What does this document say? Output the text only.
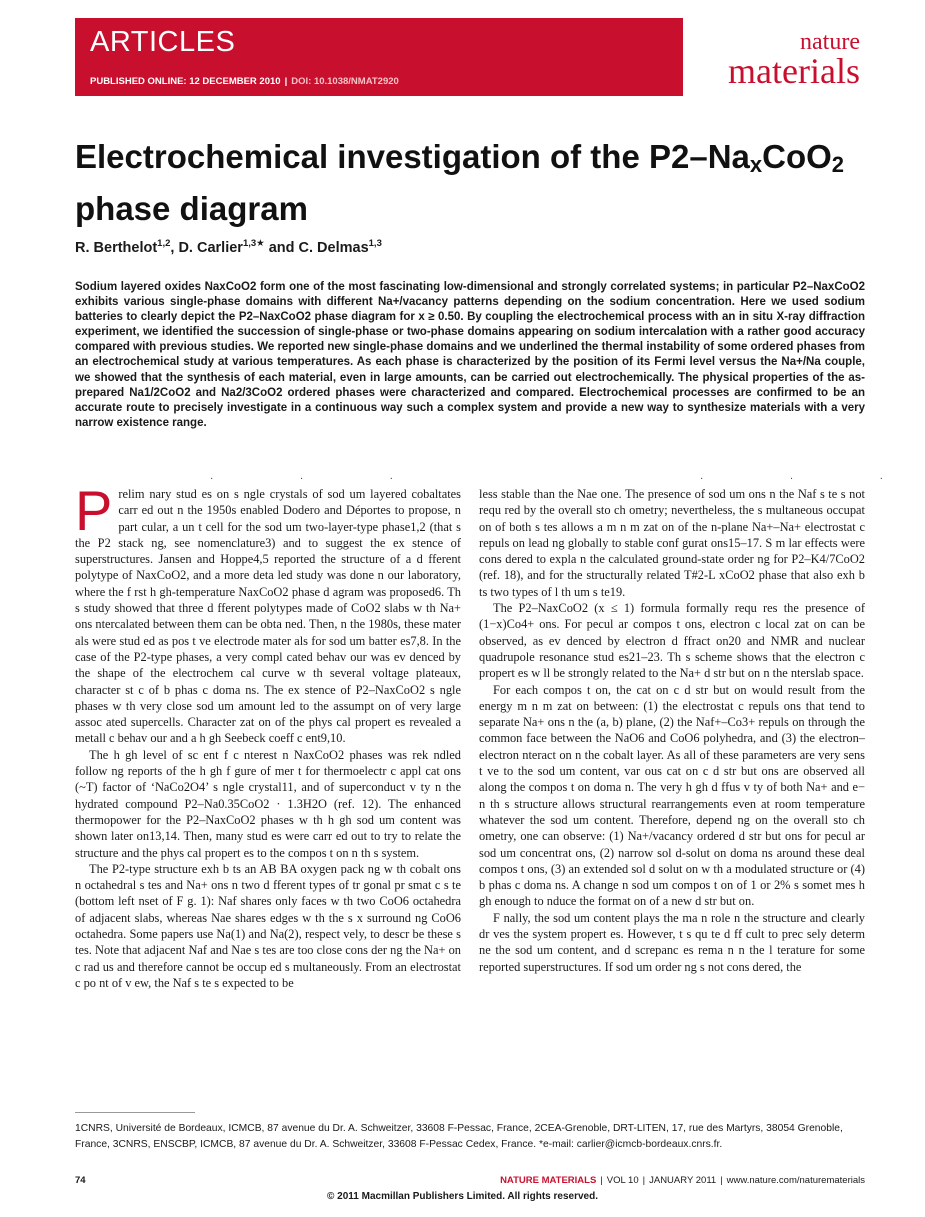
ARTICLES
PUBLISHED ONLINE: 12 DECEMBER 2010 | DOI: 10.1038/NMAT2920
nature
materials
Electrochemical investigation of the $P2-Na_xCoO_2$
phase diagram
R. Berthelot$^{1,2}$, D. Carlier$^{1,3★}$ and C. Delmas$^{1,3}$

Sodium layered oxides NaxCoO2 form one of the most fascinating low-dimensional and strongly correlated systems; in particular P2–NaxCoO2 exhibits various single-phase domains with different Na+/vacancy patterns depending on the sodium concentration. Here we used sodium batteries to clearly depict the P2–NaxCoO2 phase diagram for x ≥ 0.50. By coupling the electrochemical process with an in situ X-ray diffraction experiment, we identified the succession of single-phase or two-phase domains appearing on sodium intercalation with a rather good accuracy compared with previous studies. We reported new single-phase domains and we underlined the thermal instability of some ordered phases from an electrochemical study at various temperatures. As each phase is characterized by the position of its Fermi level versus the Na+/Na couple, we showed that the synthesis of each material, even in large amounts, can be carried out electrochemically. The physical properties of the as-prepared Na1/2CoO2 and Na2/3CoO2 ordered phases were characterized and compared. Electrochemical processes are confirmed to be an accurate route to precisely investigate in a continuous way such a complex system and provide a new way to synthesize materials with a very narrow existence range.

· · ·	· · ·
P relim nary stud es on s ngle crystals of sod um layered cobaltates carr ed out n the 1950s enabled Dodero and Déportes to propose, n part cular, a un t cell for the sod um two-layer-type phase1,2 (that s the P2 stack ng, see nomenclature3) and to suggest the ex stence of superstructures. Jansen and Hoppe4,5 reported the structure of a d fferent polytype of NaxCoO2, and a more deta led study was done n our laboratory, where the f rst h gh-temperature NaxCoO2 phase d agram was proposed6. Th s study showed that three d fferent polytypes made of CoO2 slabs w th Na+ ons ntercalated between them can be obta ned. Then, n the 1980s, these mater als were stud ed as pos t ve electrode mater als for sod um batter es7,8. In the case of the P2-type phases, a very compl cated behav our was ev denced by the shape of the electrochem cal curve w th several voltage plateaux, character st c of b phas c doma ns. The ex stence of P2–NaxCoO2 s ngle phases w th very close sod um amount led to the assumpt on of very large assoc ated supercells. Character zat on of the phys cal propert es revealed a metall c behav our and a h gh Seebeck coeff c ent9,10.

The h gh level of sc ent f c nterest n NaxCoO2 phases was rek ndled follow ng reports of the h gh f gure of mer t for thermoelectr c appl cat ons (~T) factor of ‘NaCo2O4’ s ngle crystal11, and of superconduct v ty n the hydrated compound P2–Na0.35CoO2 · 1.3H2O (ref. 12). The enhanced thermopower for the P2–NaxCoO2 phases w th h gh sod um content was shown later on13,14. Then, many stud es were carr ed out to try to relate the structure and the phys cal propert es to the compos t on n th s system.

The P2-type structure exh b ts an AB BA oxygen pack ng w th cobalt ons n octahedral s tes and Na+ ons n two d fferent types of tr gonal pr smat c s te (bottom left nset of F g. 1): Naf shares only faces w th two CoO6 octahedra of adjacent slabs, whereas Nae shares edges w th the s x surround ng CoO6 octahedra. Some papers use Na(1) and Na(2), respect vely, to descr be these s tes. Note that adjacent Naf and Nae s tes are too close cons der ng the Na+ on c rad us and therefore cannot be occup ed s multaneously. From an electrostat c po nt of v ew, the Naf s te s expected to be

less stable than the Nae one. The presence of sod um ons n the Naf s te s not requ red by the overall sto ch ometry; nevertheless, the s multaneous occupat on of both s tes allows a m n m zat on of the n-plane Na+–Na+ electrostat c repuls on lead ng globally to stable conf gurat ons15–17. S m lar effects were cons dered to expla n the calculated ground-state order ng for P2–K4/7CoO2 (ref. 18), and for the structurally related T#2-L xCoO2 phase that also exh b ts two types of l th um s te19.

The P2–NaxCoO2 (x ≤ 1) formula formally requ res the presence of (1−x)Co4+ ons. For pecul ar compos t ons, electron c local zat on can be observed, as ev denced by electron d ffract on20 and NMR and nuclear quadrupole resonance stud es21–23. Th s scheme shows that the electron c propert es w ll be strongly related to the Na+ d str but on n the nterslab space.

For each compos t on, the cat on c d str but on would result from the energy m n m zat on between: (1) the electrostat c repuls ons that tend to separate Na+ ons n the (a, b) plane, (2) the Naf+–Co3+ repuls on through the common face between the NaO6 and CoO6 polyhedra, and (3) the electron–electron nteract on n the cobalt layer. As all of these parameters are very sens t ve to the sod um content, var ous cat on c d str but ons are observed all along the compos t on doma n. The very h gh d ffus v ty of both Na+ and e− n th s structure allows structural rearrangements even at room temperature whatever the sod um content. Therefore, depend ng on the overall sto ch ometry, one can observe: (1) Na+/vacancy ordered d str but ons for pecul ar sod um concentrat ons, (2) narrow sol d-solut on doma ns around these deal compos t ons, (3) an extended sol d solut on w th a modulated structure or (4) b phas c doma ns. A change n sod um compos t on of 1 or 2% s somet mes h gh enough to nduce the format on of a new d str but on.

F nally, the sod um content plays the ma n role n the structure and clearly dr ves the system propert es. However, t s qu te d ff cult to prec sely determ ne the sod um content, and d screpanc es rema n n the l terature for some reported superstructures. If sod um order ng s not cons dered, the

1CNRS, Université de Bordeaux, ICMCB, 87 avenue du Dr. A. Schweitzer, 33608 F-Pessac, France, 2CEA-Grenoble, DRT-LITEN, 17, rue des Martyrs, 38054 Grenoble, France, 3CNRS, ENSCBP, ICMCB, 87 avenue du Dr. A. Schweitzer, 33608 F-Pessac Cedex, France. *e-mail: carlier@icmcb-bordeaux.cnrs.fr.
74	NATURE MATERIALS | VOL 10 | JANUARY 2011 | www.nature.com/naturematerials
© 2011 Macmillan Publishers Limited. All rights reserved.
